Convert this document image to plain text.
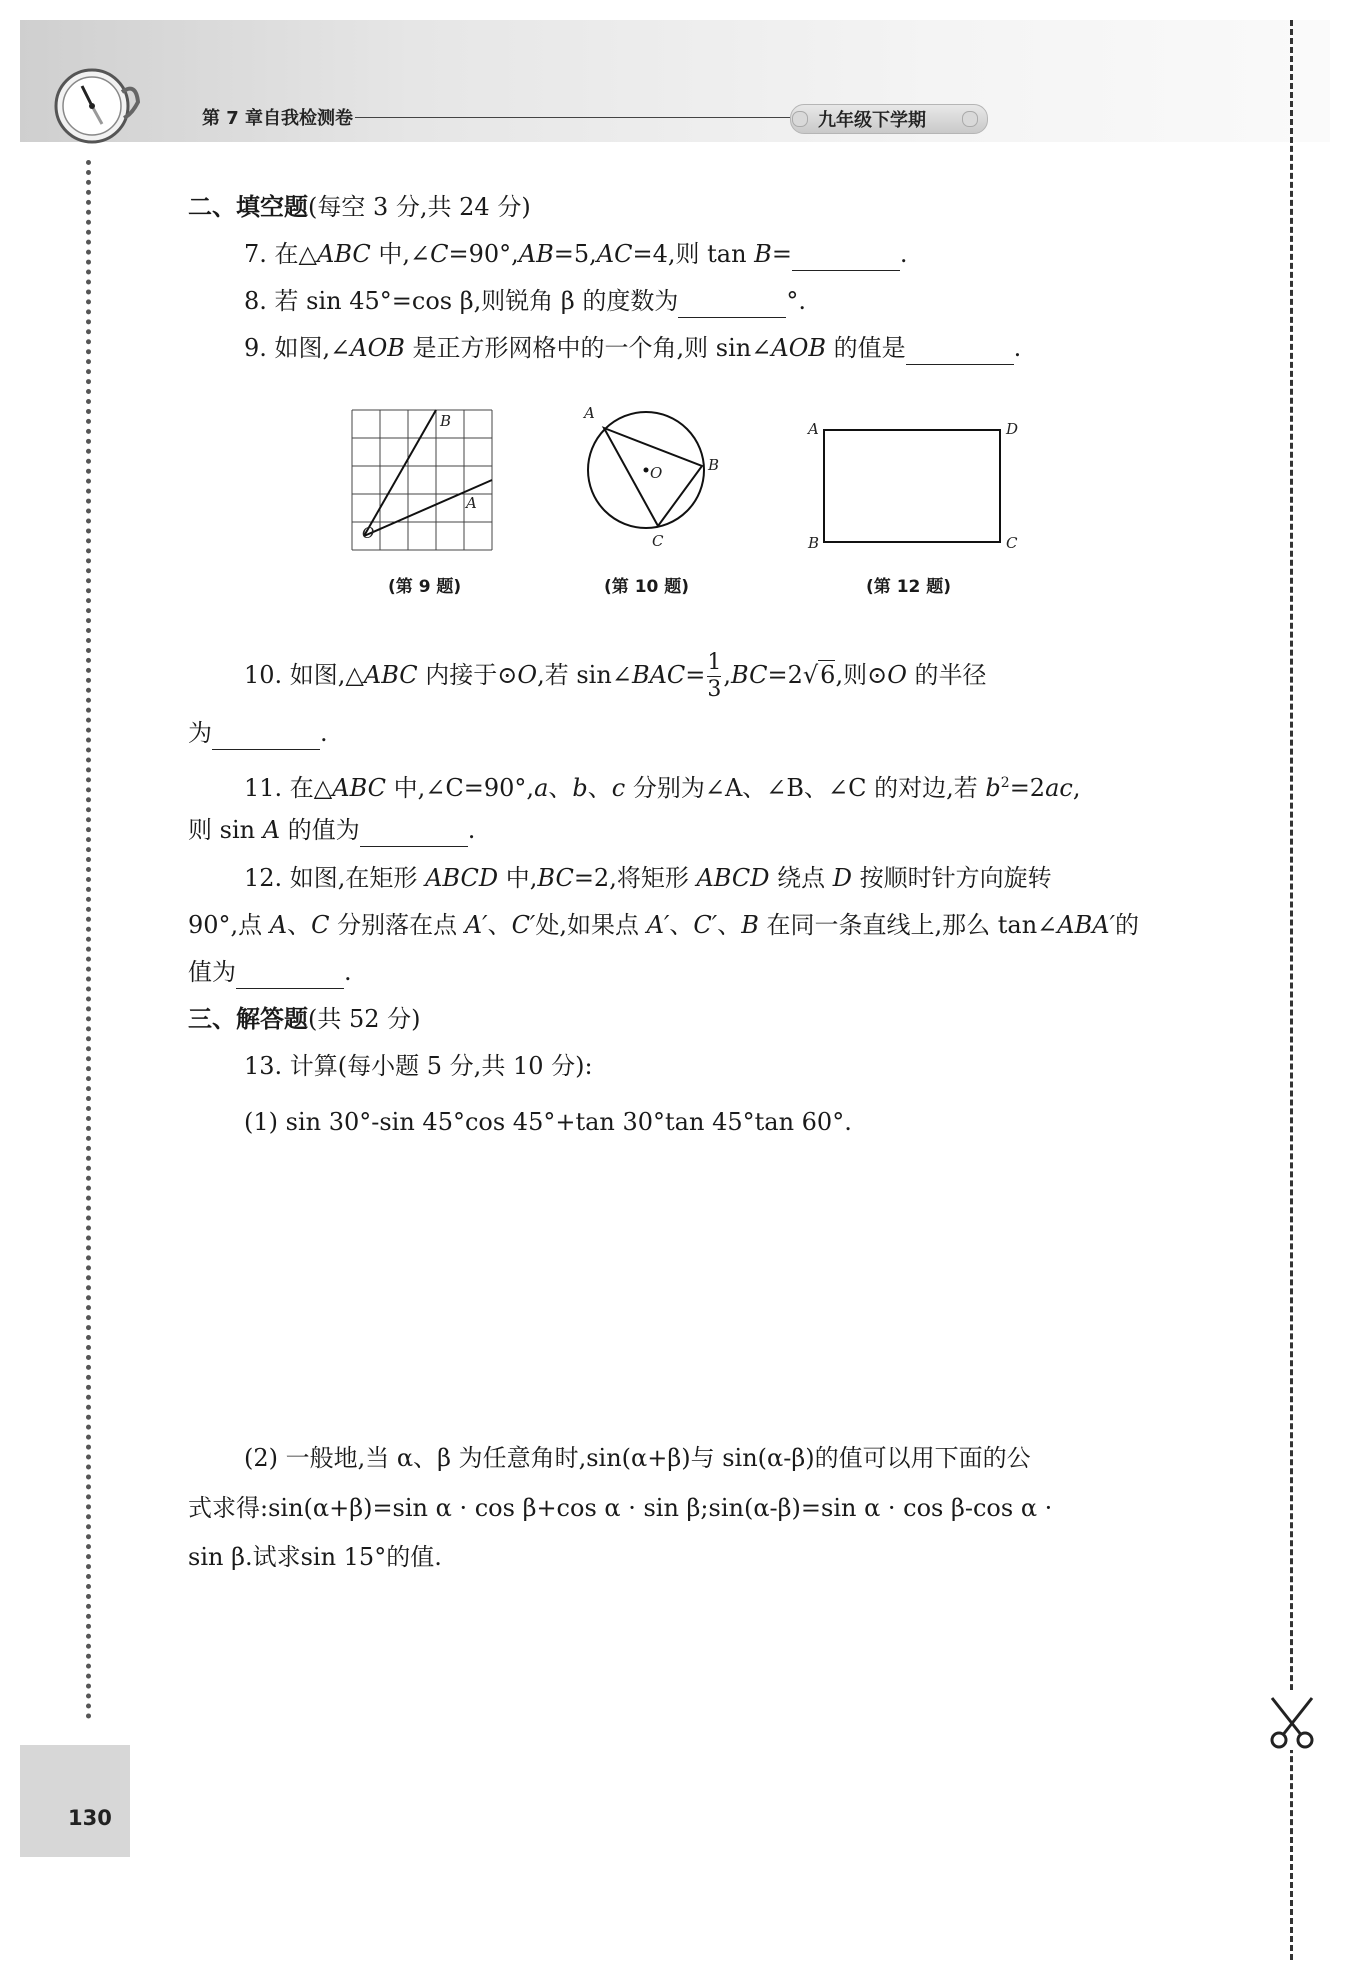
第 7 章自我检测卷	九年级下学期
130
二、填空题(每空 3 分,共 24 分)
7. 在△ABC 中,∠C=90°,AB=5,AC=4,则 tan B=	.
8. 若 sin 45°=cos β,则锐角 β 的度数为	°.
9. 如图,∠AOB 是正方形网格中的一个角,则 sin∠AOB 的值是	.
B
A
O
(第 9 题)
A
B
C
O
(第 10 题)
A	D
B	C
(第 12 题)
10. 如图,△ABC 内接于⊙O,若 sin∠BAC= $\frac{1}{3} ,BC=2√6$,则⊙O 的半径
为	.
11. 在△ABC 中,∠C=90°,a、b、c 分别为∠A、∠B、∠C 的对边,若 $b^2=2ac$,
则 sin A 的值为	.
12. 如图,在矩形 ABCD 中,BC=2,将矩形 ABCD 绕点 D 按顺时针方向旋转
90°,点 A、C 分别落在点 A′、C′处,如果点 A′、C′、B 在同一条直线上,那么 tan∠ABA′的
值为	.
三、解答题(共 52 分)
13. 计算(每小题 5 分,共 10 分):
(1) sin 30°-sin 45°cos 45°+tan 30°tan 45°tan 60°.
(2) 一般地,当 α、β 为任意角时,sin(α+β)与 sin(α-β)的值可以用下面的公
式求得:sin(α+β)=sin α · cos β+cos α · sin β;sin(α-β)=sin α · cos β-cos α ·
sin β.试求sin 15°的值.
